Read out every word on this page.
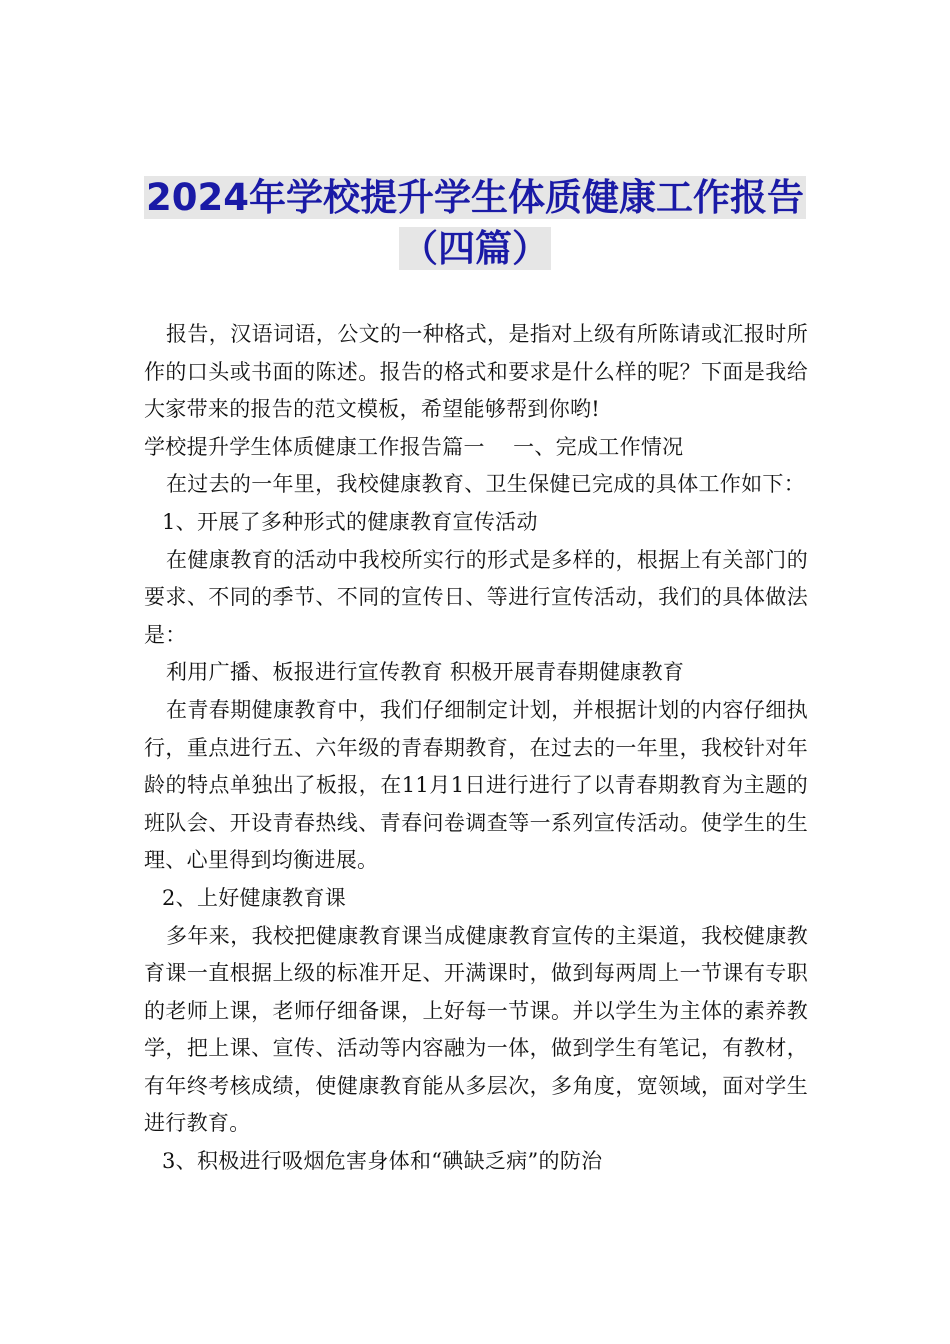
2024年学校提升学生体质健康工作报告
（四篇）

报告，汉语词语，公文的一种格式，是指对上级有所陈请或汇报时所作的口头或书面的陈述。报告的格式和要求是什么样的呢？下面是我给大家带来的报告的范文模板，希望能够帮到你哟!

学校提升学生体质健康工作报告篇一　 一、完成工作情况

在过去的一年里，我校健康教育、卫生保健已完成的具体工作如下：

1、开展了多种形式的健康教育宣传活动

在健康教育的活动中我校所实行的形式是多样的，根据上有关部门的要求、不同的季节、不同的宣传日、等进行宣传活动，我们的具体做法是：

利用广播、板报进行宣传教育 积极开展青春期健康教育

在青春期健康教育中，我们仔细制定计划，并根据计划的内容仔细执行，重点进行五、六年级的青春期教育，在过去的一年里，我校针对年龄的特点单独出了板报，在11月1日进行进行了以青春期教育为主题的班队会、开设青春热线、青春问卷调查等一系列宣传活动。使学生的生理、心里得到均衡进展。

2、上好健康教育课

多年来，我校把健康教育课当成健康教育宣传的主渠道，我校健康教育课一直根据上级的标准开足、开满课时，做到每两周上一节课有专职的老师上课，老师仔细备课，上好每一节课。并以学生为主体的素养教学，把上课、宣传、活动等内容融为一体，做到学生有笔记，有教材，有年终考核成绩，使健康教育能从多层次，多角度，宽领域，面对学生进行教育。

3、积极进行吸烟危害身体和“碘缺乏病”的防治
